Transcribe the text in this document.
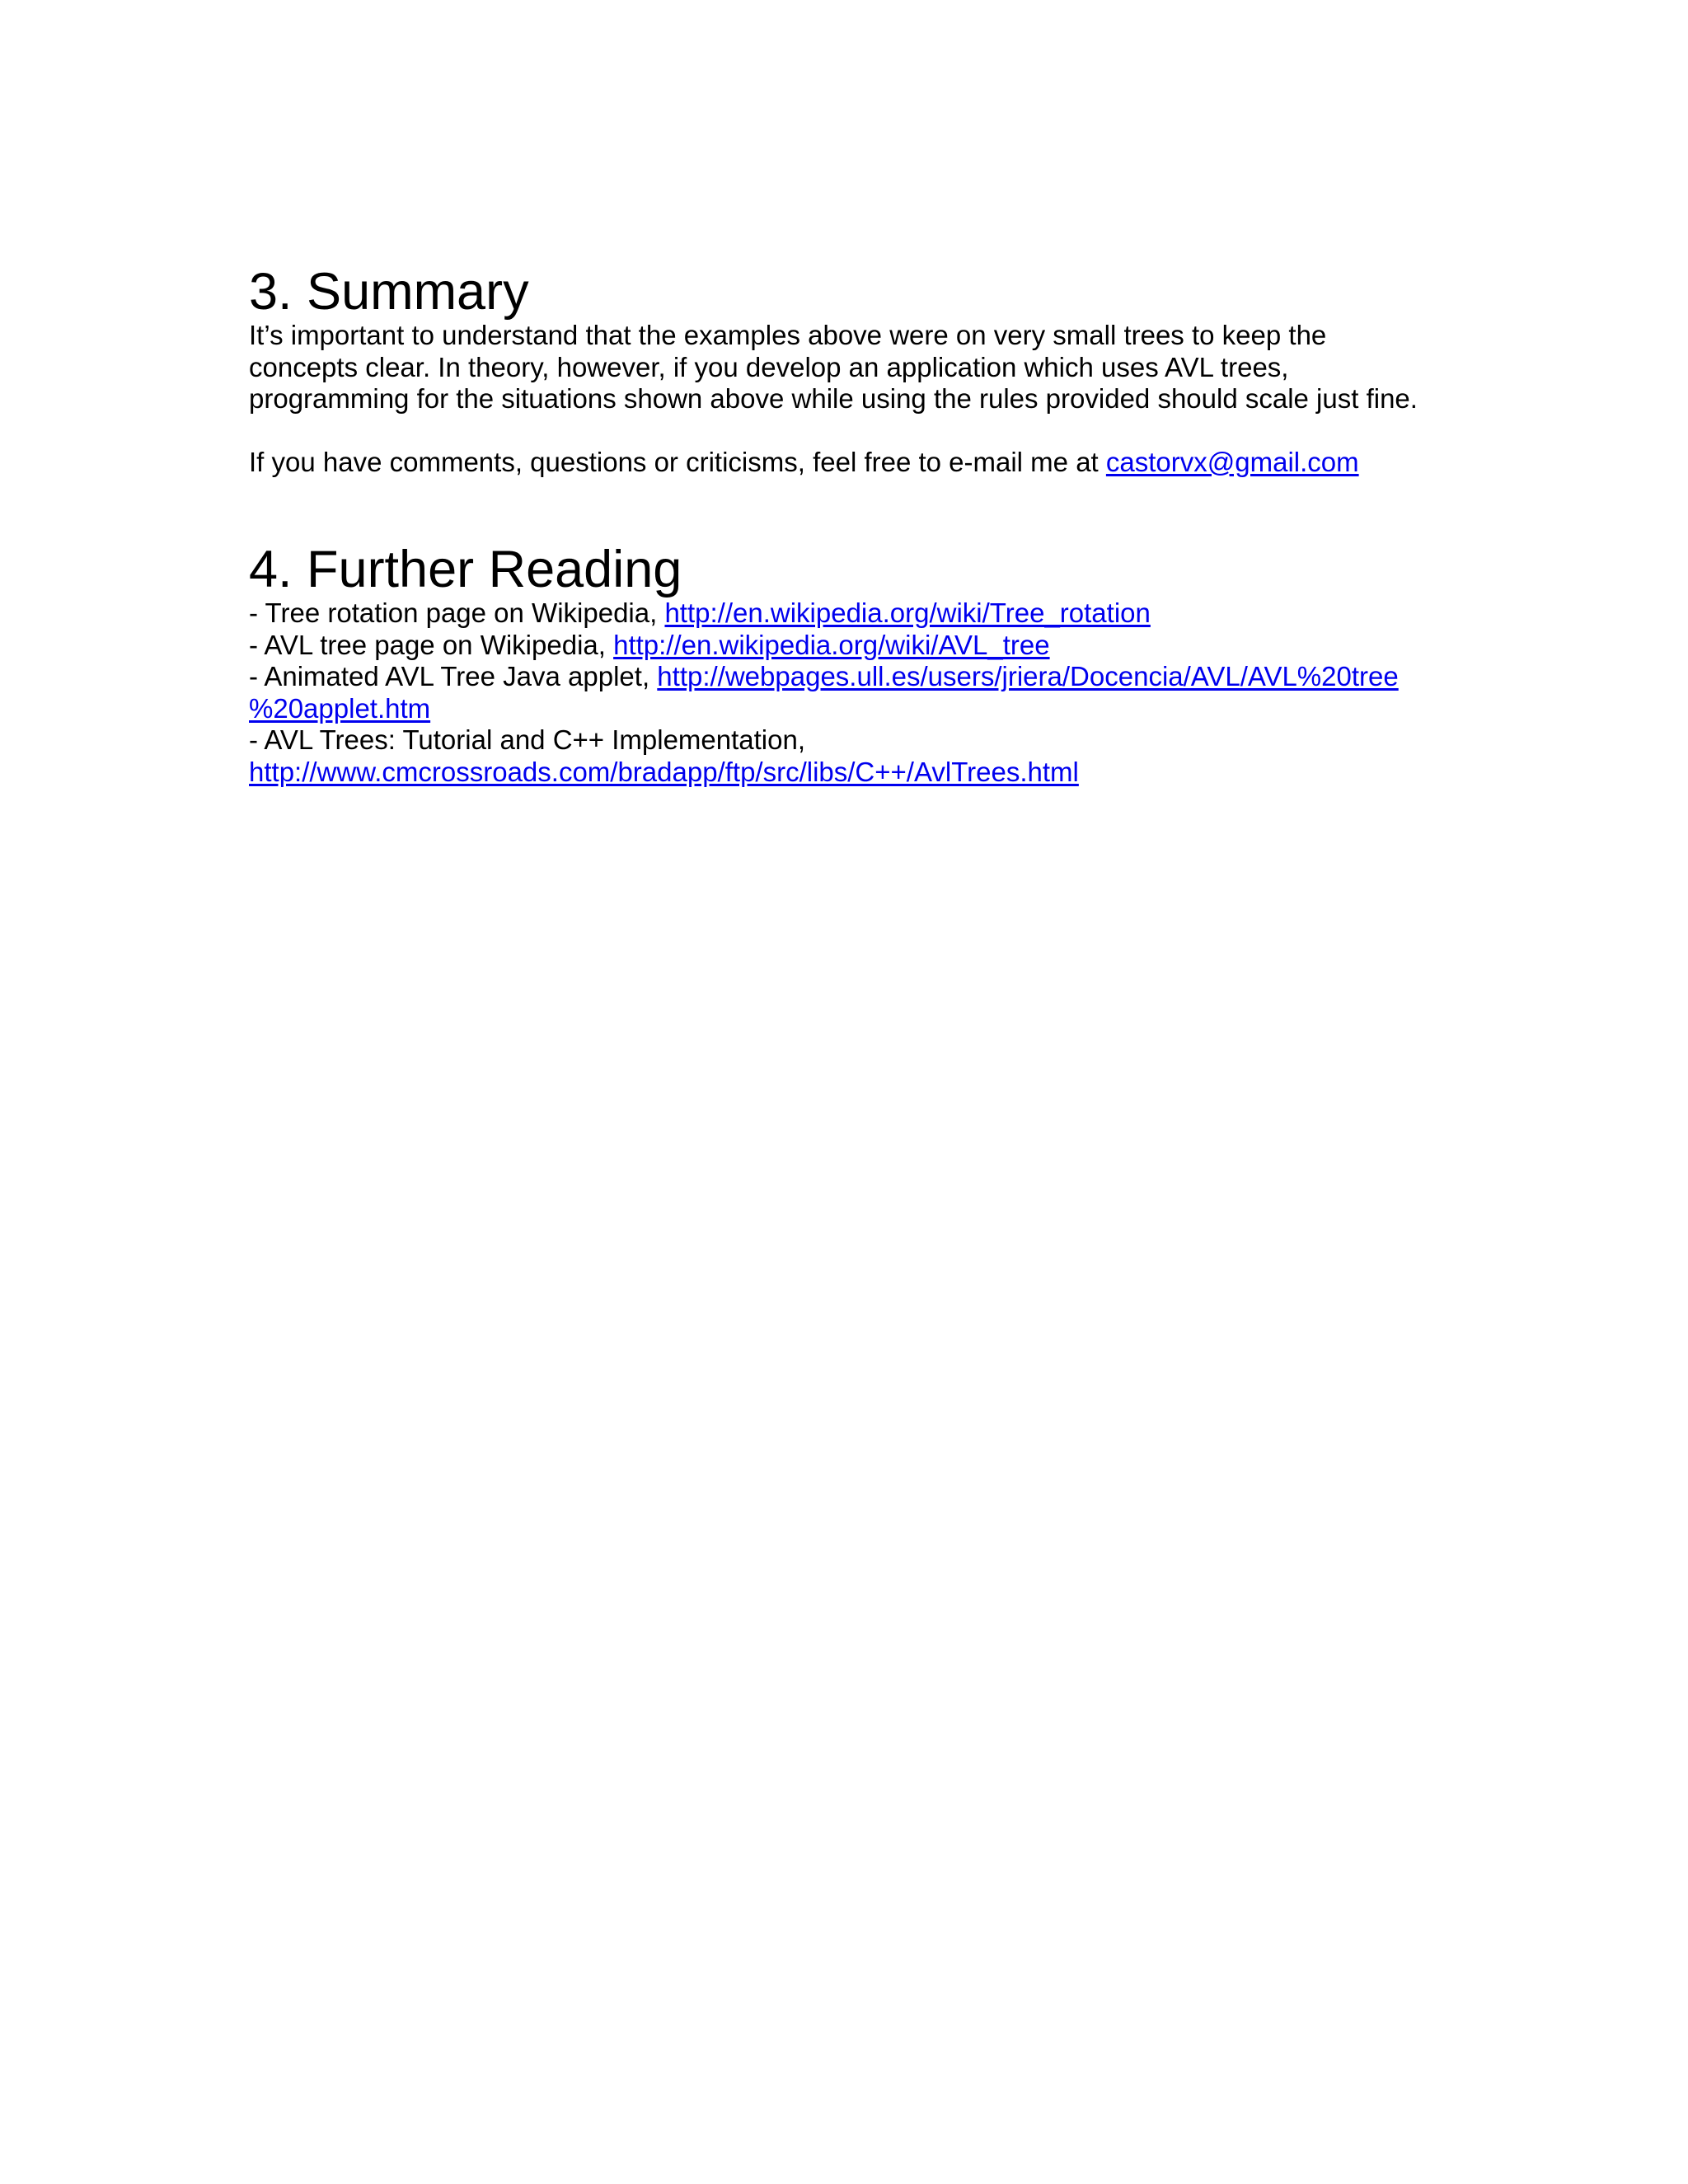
3. Summary

It’s important to understand that the examples above were on very small trees to keep the
concepts clear. In theory, however, if you develop an application which uses AVL trees,
programming for the situations shown above while using the rules provided should scale just fine.

If you have comments, questions or criticisms, feel free to e-mail me at castorvx@gmail.com

4. Further Reading

- Tree rotation page on Wikipedia, http://en.wikipedia.org/wiki/Tree_rotation

- AVL tree page on Wikipedia, http://en.wikipedia.org/wiki/AVL_tree

- Animated AVL Tree Java applet, http://webpages.ull.es/users/jriera/Docencia/AVL/AVL%20tree
%20applet.htm

- AVL Trees: Tutorial and C++ Implementation,
http://www.cmcrossroads.com/bradapp/ftp/src/libs/C++/AvlTrees.html
